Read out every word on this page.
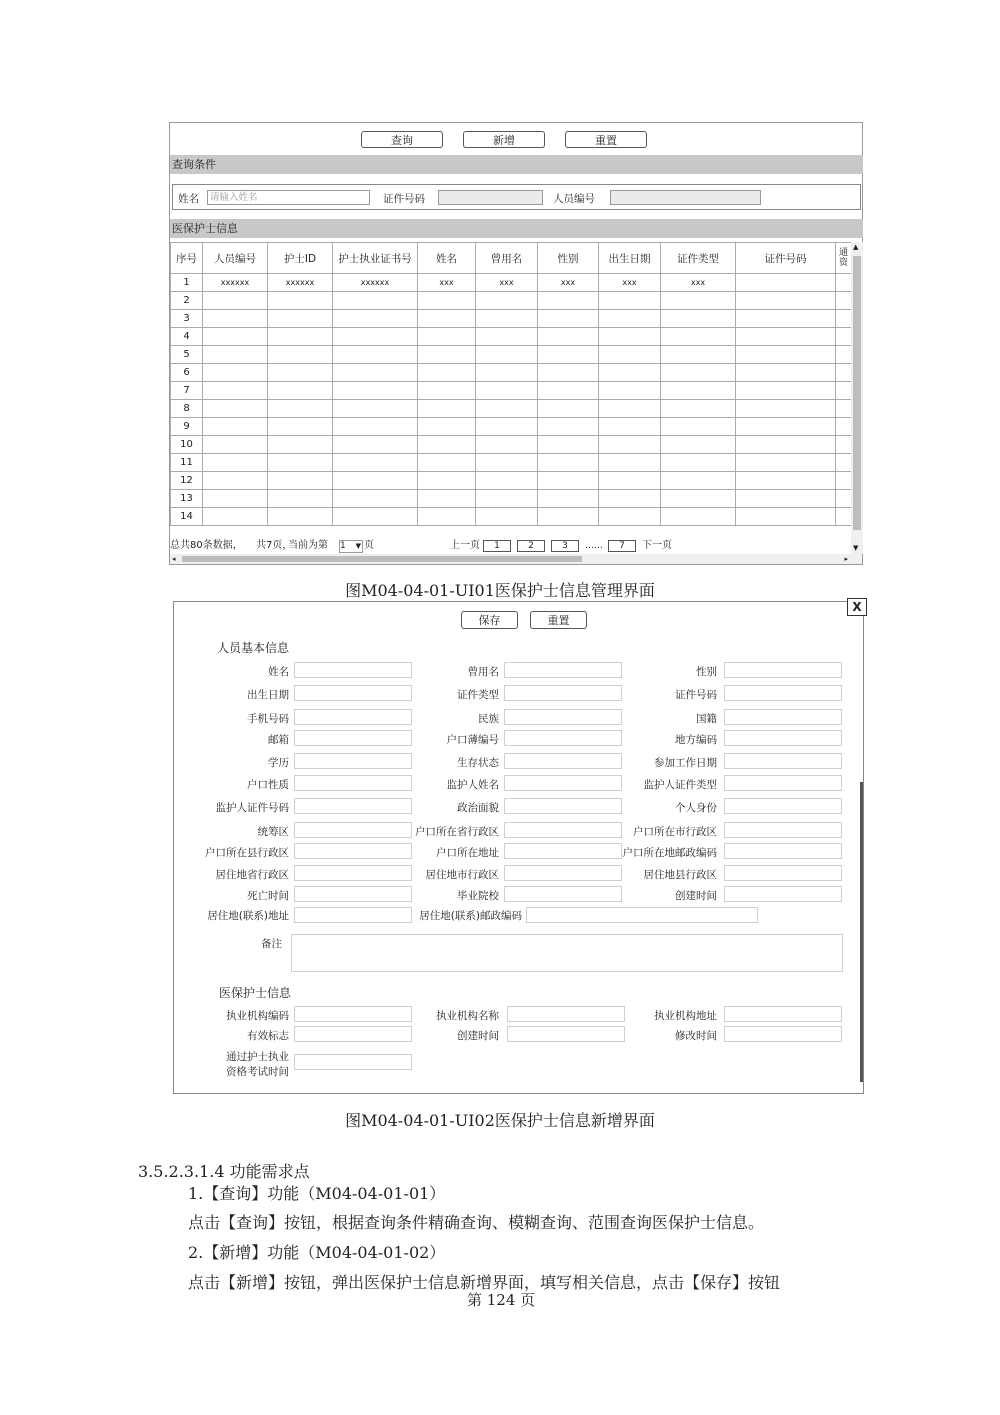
查询	新增	重置
查询条件
姓名	请输入姓名	证件号码	人员编号
医保护士信息
序号	人员编号	护士ID	护士执业证书号	姓名	曾用名	性别	出生日期	证件类型	证件号码	通资
1	xxxxxx	xxxxxx	xxxxxx	xxx	xxx	xxx	xxx	xxx		
2										
3										
4										
5										
6										
7										
8										
9										
10										
11										
12										
13										
14										
▲
▼
总共80条数据， 共7页，
当前为第 1 ▼ 页	上一页	1	2	3	……	7	下一页
◂	▸
图M04-04-01-UI01医保护士信息管理界面
X
保存	重置
人员基本信息
姓名	曾用名	性别
出生日期	证件类型	证件号码
手机号码	民族	国籍
邮箱	户口薄编号	地方编码
学历	生存状态	参加工作日期
户口性质	监护人姓名	监护人证件类型
监护人证件号码	政治面貌	个人身份
统筹区	户口所在省行政区	户口所在市行政区
户口所在县行政区	户口所在地址	户口所在地邮政编码
居住地省行政区	居住地市行政区	居住地县行政区
死亡时间	毕业院校	创建时间
居住地(联系)地址	居住地(联系)邮政编码
备注
执业机构编码	执业机构名称	执业机构地址
有效标志	创建时间	修改时间
通过护士执业
资格考试时间
医保护士信息
图M04-04-01-UI02医保护士信息新增界面
3.5.2.3.1.4 功能需求点
1.【查询】功能（M04-04-01-01）
点击【查询】按钮，根据查询条件精确查询、模糊查询、范围查询医保护士信息。
2.【新增】功能（M04-04-01-02）
点击【新增】按钮，弹出医保护士信息新增界面，填写相关信息，点击【保存】按钮
第 124 页
